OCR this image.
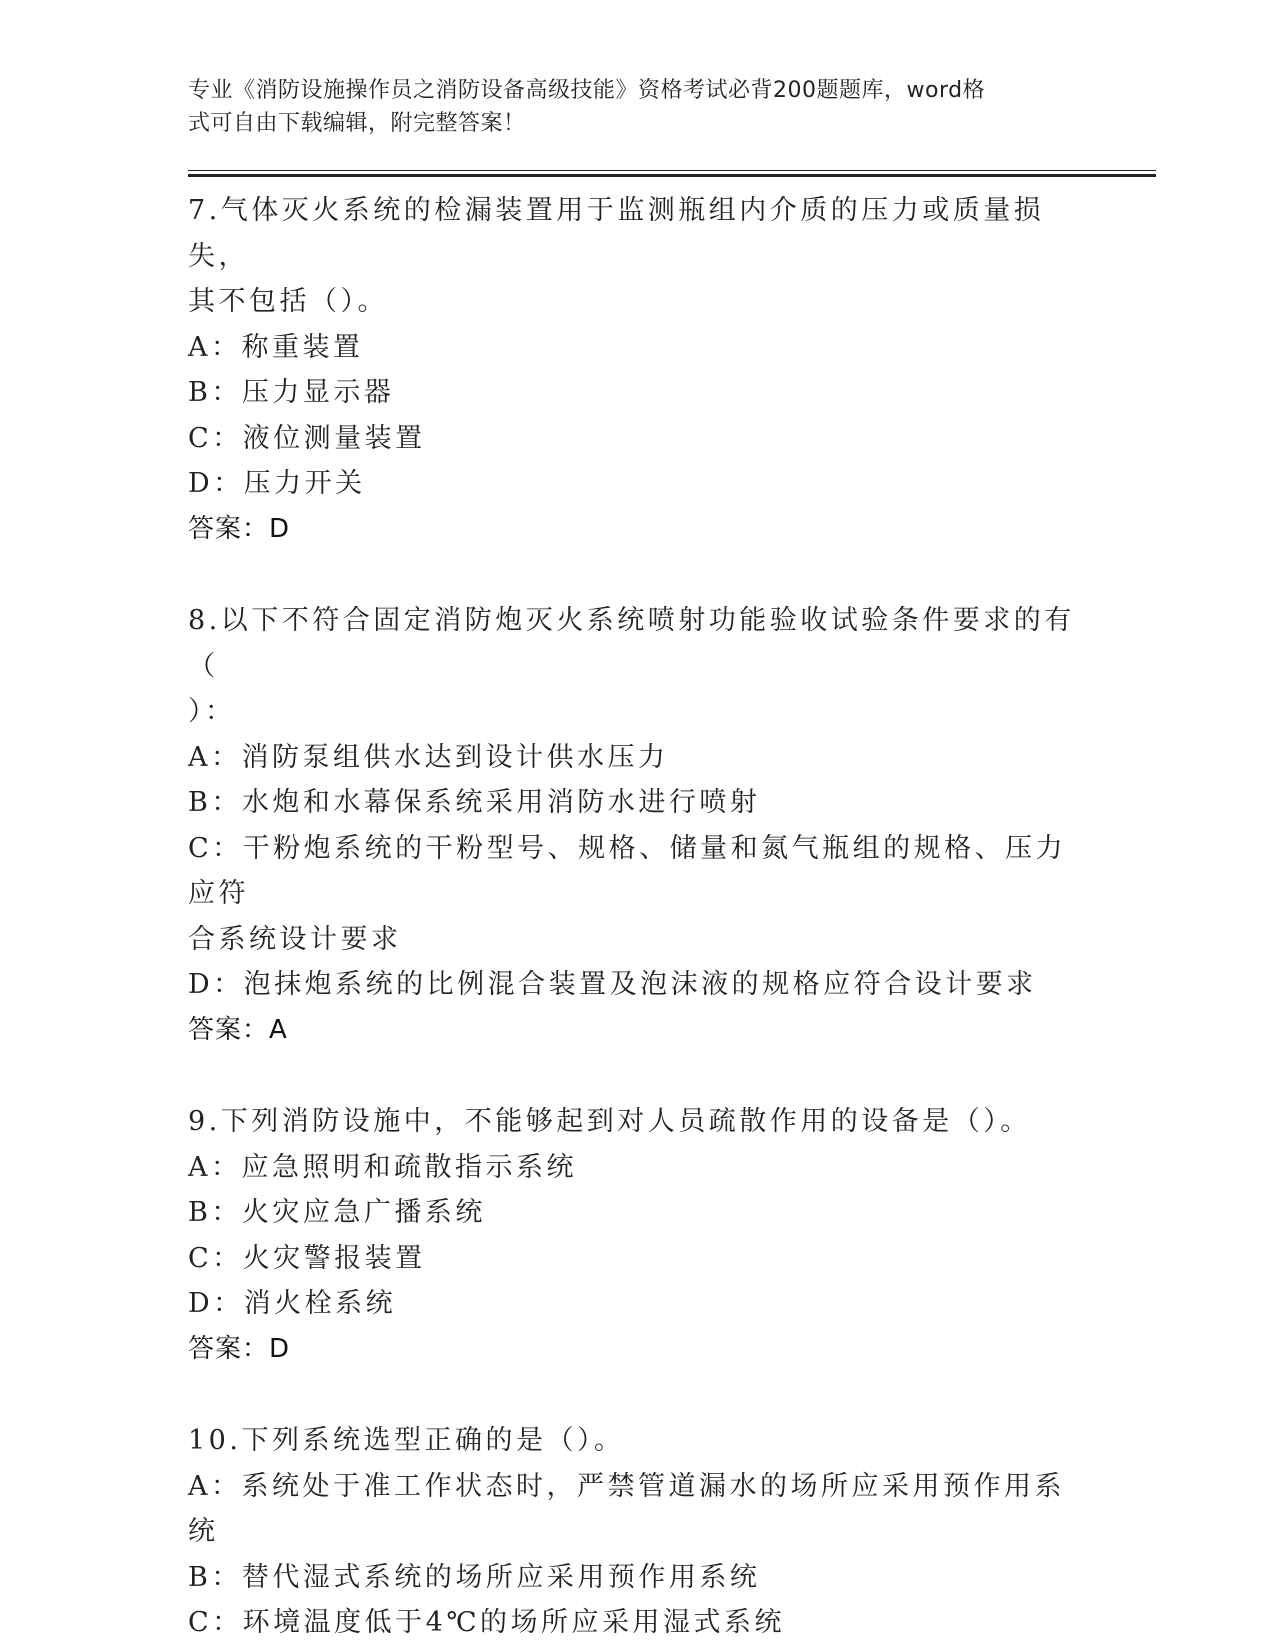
专业《消防设施操作员之消防设备高级技能》资格考试必背200题题库，word格
式可自由下载编辑，附完整答案！
7.气体灭火系统的检漏装置用于监测瓶组内介质的压力或质量损失，
其不包括（）。
A：称重装置
B：压力显示器
C：液位测量装置
D：压力开关
答案：D
8.以下不符合固定消防炮灭火系统喷射功能验收试验条件要求的有（
）：
A：消防泵组供水达到设计供水压力
B：水炮和水幕保系统采用消防水进行喷射
C：干粉炮系统的干粉型号、规格、储量和氮气瓶组的规格、压力应符
合系统设计要求
D：泡抹炮系统的比例混合装置及泡沫液的规格应符合设计要求
答案：A
9.下列消防设施中，不能够起到对人员疏散作用的设备是（）。
A：应急照明和疏散指示系统
B：火灾应急广播系统
C：火灾警报装置
D：消火栓系统
答案：D
10.下列系统选型正确的是（）。
A：系统处于准工作状态时，严禁管道漏水的场所应采用预作用系统
B：替代湿式系统的场所应采用预作用系统
C：环境温度低于4℃的场所应采用湿式系统
